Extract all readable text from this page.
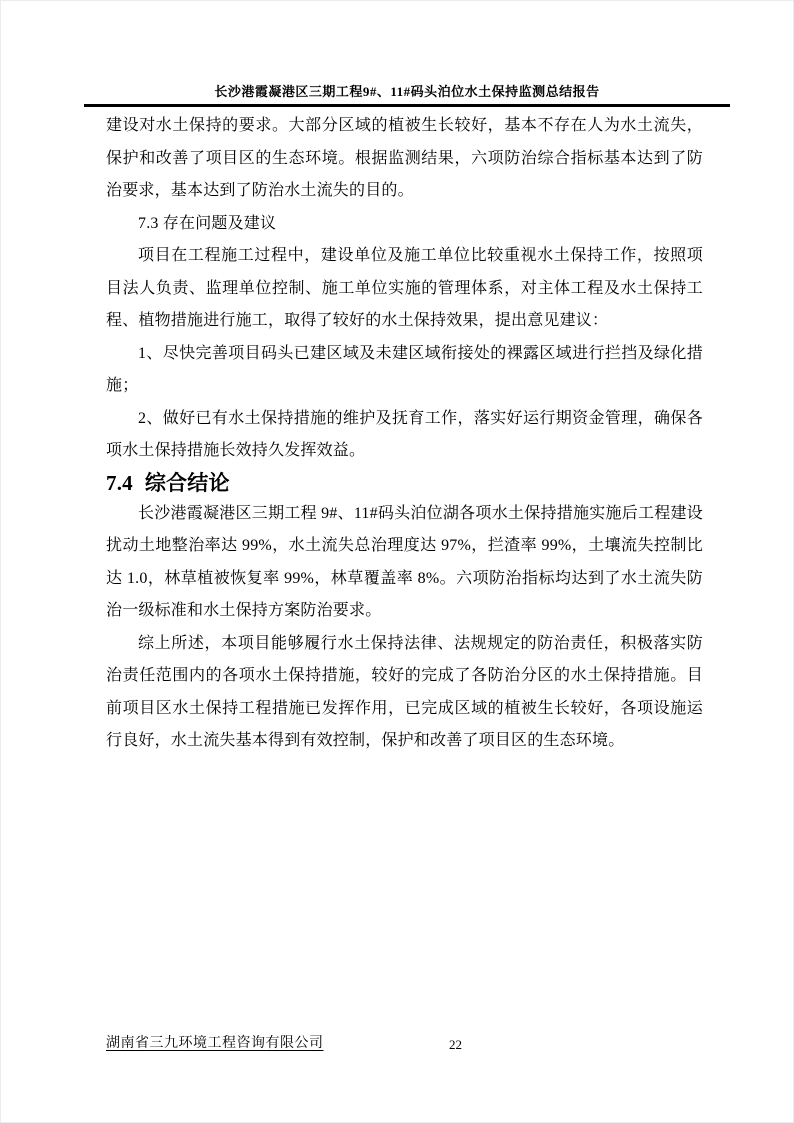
长沙港霞凝港区三期工程9#、11#码头泊位水土保持监测总结报告

建设对水土保持的要求。大部分区域的植被生长较好，基本不存在人为水土流失，保护和改善了项目区的生态环境。根据监测结果，六项防治综合指标基本达到了防治要求，基本达到了防治水土流失的目的。

7.3 存在问题及建议

项目在工程施工过程中，建设单位及施工单位比较重视水土保持工作，按照项目法人负责、监理单位控制、施工单位实施的管理体系，对主体工程及水土保持工程、植物措施进行施工，取得了较好的水土保持效果，提出意见建议：

1、尽快完善项目码头已建区域及未建区域衔接处的裸露区域进行拦挡及绿化措施；

2、做好已有水土保持措施的维护及抚育工作，落实好运行期资金管理，确保各项水土保持措施长效持久发挥效益。

7.4 综合结论

长沙港霞凝港区三期工程 9#、11#码头泊位湖各项水土保持措施实施后工程建设扰动土地整治率达 99%，水土流失总治理度达 97%，拦渣率 99%，土壤流失控制比达 1.0，林草植被恢复率 99%，林草覆盖率 8%。六项防治指标均达到了水土流失防治一级标准和水土保持方案防治要求。

综上所述，本项目能够履行水土保持法律、法规规定的防治责任，积极落实防治责任范围内的各项水土保持措施，较好的完成了各防治分区的水土保持措施。目前项目区水土保持工程措施已发挥作用，已完成区域的植被生长较好，各项设施运行良好，水土流失基本得到有效控制，保护和改善了项目区的生态环境。

湖南省三九环境工程咨询有限公司	22
